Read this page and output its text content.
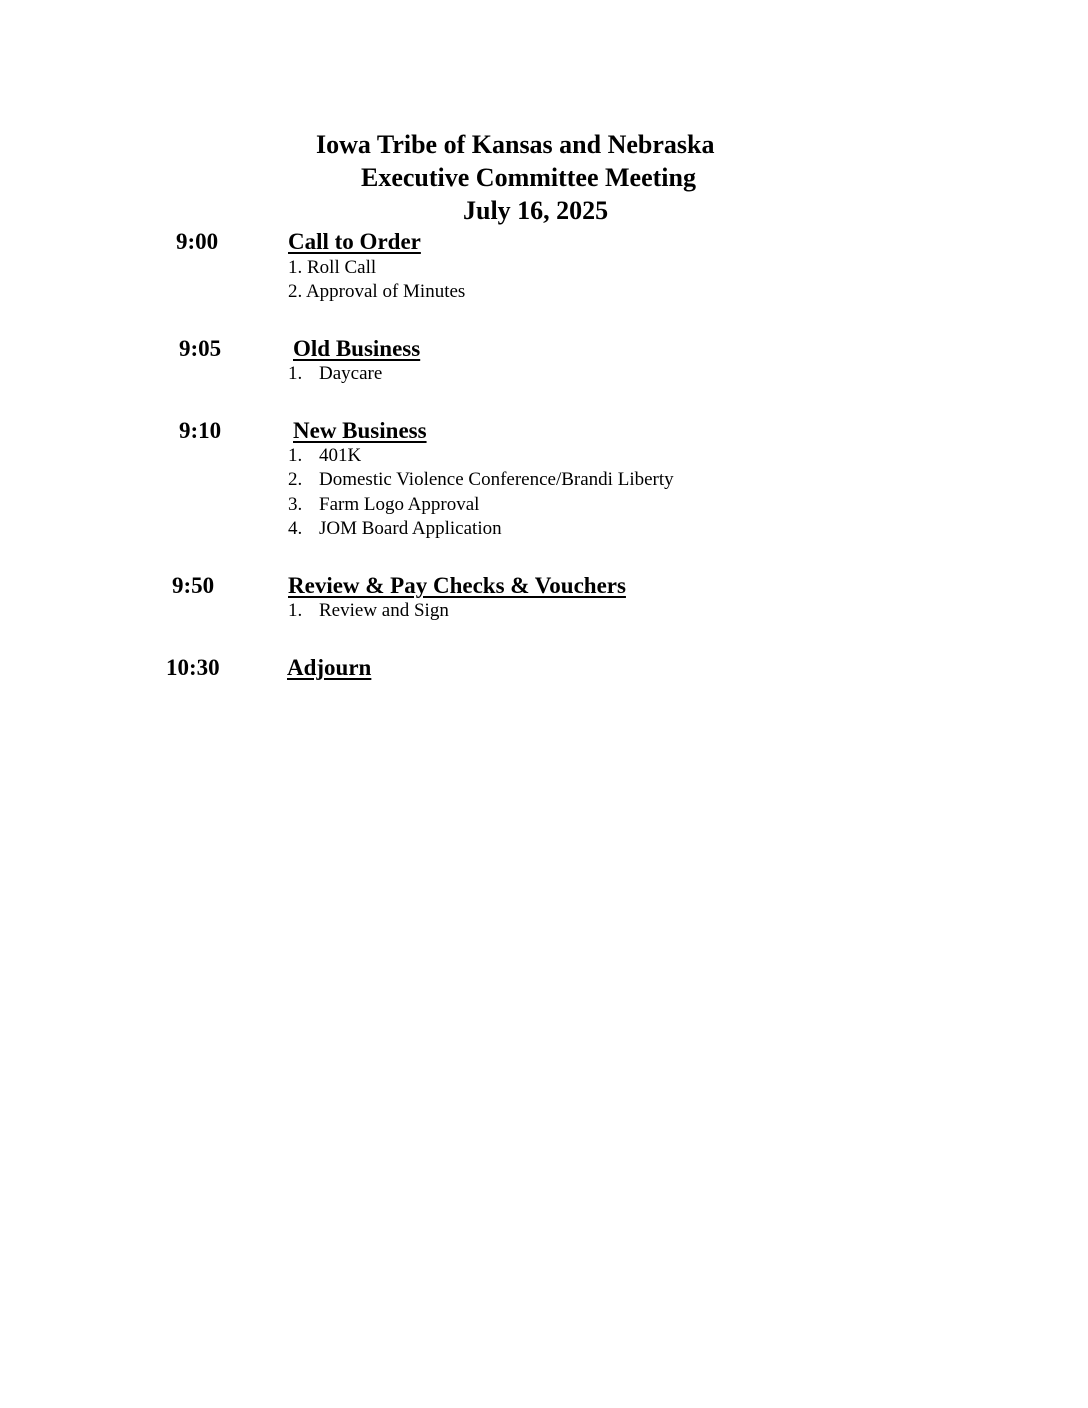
Iowa Tribe of Kansas and Nebraska
Executive Committee Meeting
July 16, 2025
9:00	Call to Order
1. Roll Call
2. Approval of Minutes
9:05	Old Business
1. Daycare
9:10	New Business
1. 401K
2. Domestic Violence Conference/Brandi Liberty
3. Farm Logo Approval
4. JOM Board Application
9:50	Review & Pay Checks & Vouchers
1. Review and Sign
10:30	Adjourn
